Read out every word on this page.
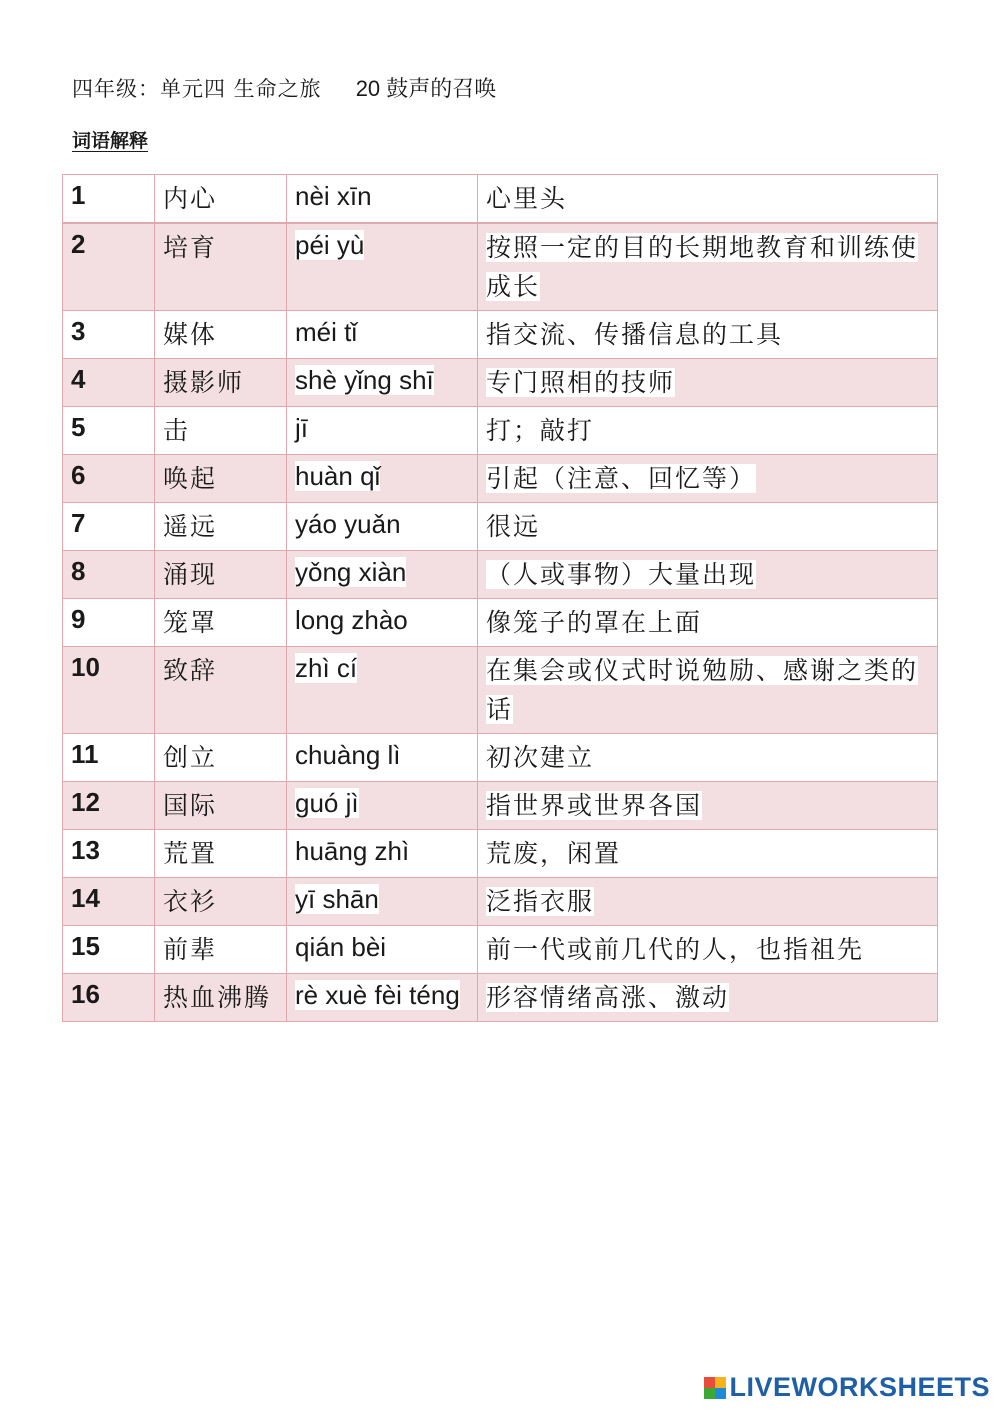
四年级：单元四 生命之旅 20 鼓声的召唤
词语解释
1	内心	nèi xīn	心里头
2	培育	péi yù	按照一定的目的长期地教育和训练使成长
3	媒体	méi tǐ	指交流、传播信息的工具
4	摄影师	shè yǐng shī	专门照相的技师
5	击	jī	打；敲打
6	唤起	huàn qǐ	引起（注意、回忆等）
7	遥远	yáo yuǎn	很远
8	涌现	yǒng xiàn	（人或事物）大量出现
9	笼罩	long zhào	像笼子的罩在上面
10	致辞	zhì cí	在集会或仪式时说勉励、感谢之类的话
11	创立	chuàng lì	初次建立
12	国际	guó jì	指世界或世界各国
13	荒置	huāng zhì	荒废，闲置
14	衣衫	yī shān	泛指衣服
15	前辈	qián bèi	前一代或前几代的人，也指祖先
16	热血沸腾	rè xuè fèi téng	形容情绪高涨、激动
LIVEWORKSHEETS
